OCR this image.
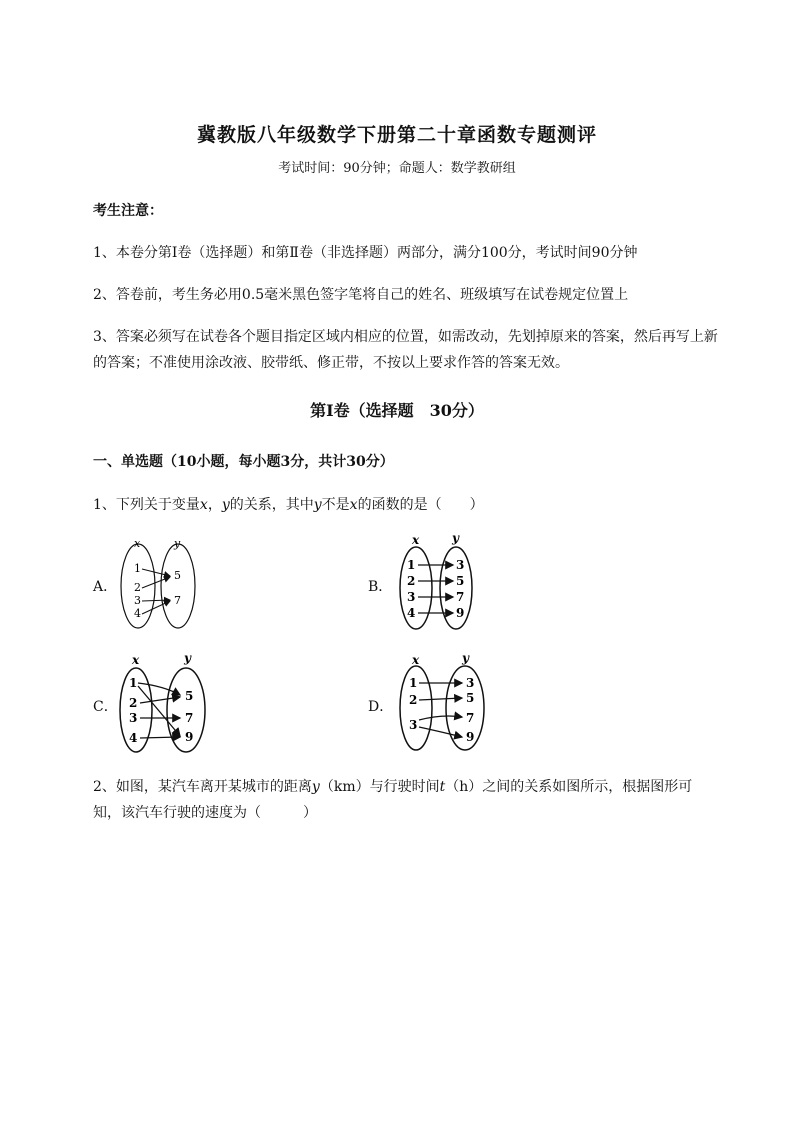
冀教版八年级数学下册第二十章函数专题测评
考试时间：90分钟；命题人：数学教研组
考生注意：
1、本卷分第Ⅰ卷（选择题）和第Ⅱ卷（非选择题）两部分，满分100分，考试时间90分钟
2、答卷前，考生务必用0.5毫米黑色签字笔将自己的姓名、班级填写在试卷规定位置上
3、答案必须写在试卷各个题目指定区域内相应的位置，如需改动，先划掉原来的答案，然后再写上新
的答案；不准使用涂改液、胶带纸、修正带，不按以上要求作答的答案无效。
第Ⅰ卷（选择题　30分）
一、单选题（10小题，每小题3分，共计30分）
1、下列关于变量x，y的关系，其中y不是x的函数的是（　　）
A．
x	y
1
2
3
4
5
7
B．
x	y
1
2
3
4
3
5
7
9
C．
x	y
1
2
3
4
5
7
9
D．
x	y
1
2
3
3
5
7
9
2、如图，某汽车离开某城市的距离y（km）与行驶时间t（h）之间的关系如图所示，根据图形可
知，该汽车行驶的速度为（　　　）
